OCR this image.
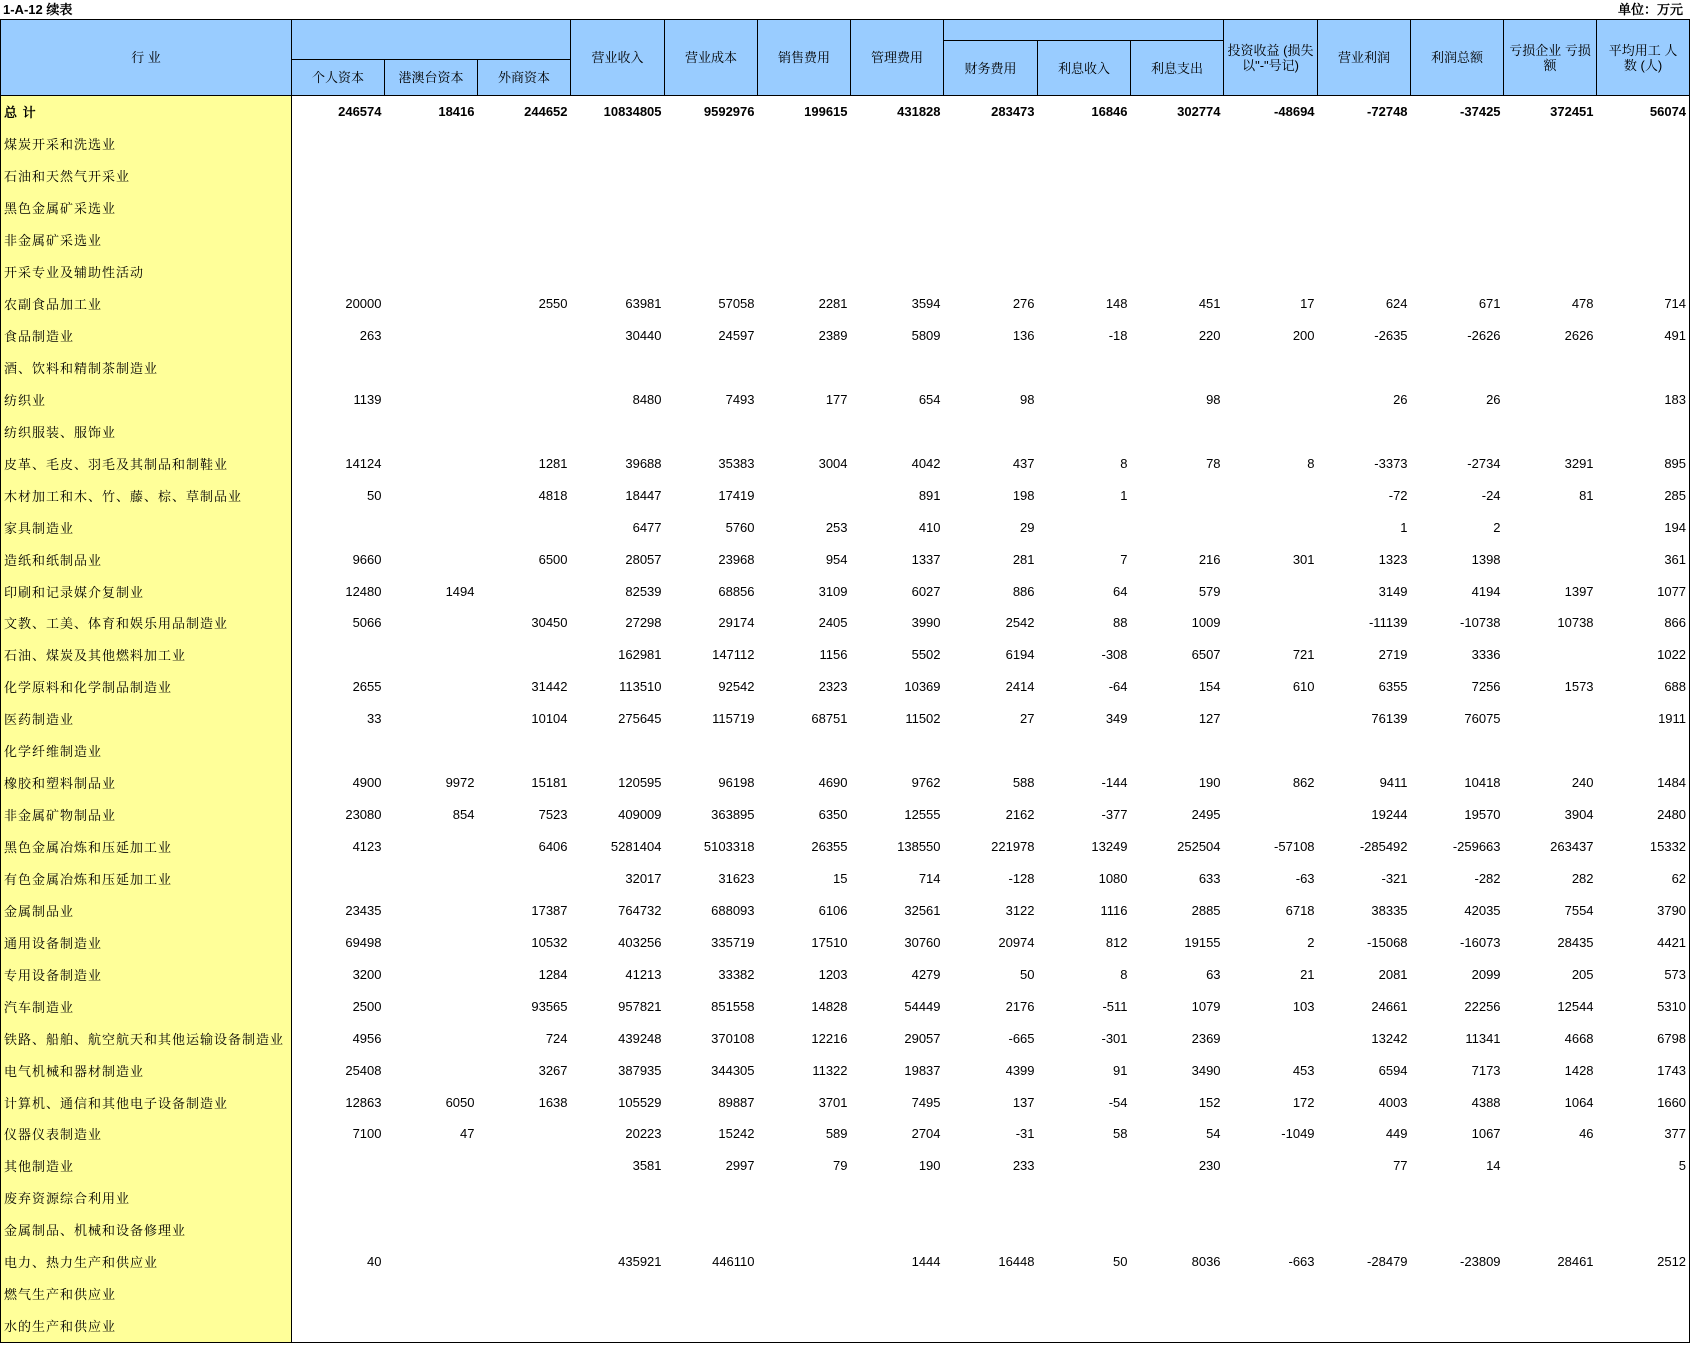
1-A-12 续表	单位：万元
行 业				营业收入	营业成本	销售费用	管理费用				投资收益 (损失以"-"号记)	营业利润	利润总额	亏损企业 亏损额	平均用工 人　数 (人)
								财务费用	利息收入	利息支出					
	个人资本	港澳台资本	外商资本												
总 计	246574	18416	244652	10834805	9592976	199615	431828	283473	16846	302774	-48694	-72748	-37425	372451	56074
煤炭开采和洗选业															
石油和天然气开采业															
黑色金属矿采选业															
非金属矿采选业															
开采专业及辅助性活动															
农副食品加工业	20000		2550	63981	57058	2281	3594	276	148	451	17	624	671	478	714
食品制造业	263			30440	24597	2389	5809	136	-18	220	200	-2635	-2626	2626	491
酒、饮料和精制茶制造业															
纺织业	1139			8480	7493	177	654	98		98		26	26		183
纺织服装、服饰业															
皮革、毛皮、羽毛及其制品和制鞋业	14124		1281	39688	35383	3004	4042	437	8	78	8	-3373	-2734	3291	895
木材加工和木、竹、藤、棕、草制品业	50		4818	18447	17419		891	198	1			-72	-24	81	285
家具制造业				6477	5760	253	410	29				1	2		194
造纸和纸制品业	9660		6500	28057	23968	954	1337	281	7	216	301	1323	1398		361
印刷和记录媒介复制业	12480	1494		82539	68856	3109	6027	886	64	579		3149	4194	1397	1077
文教、工美、体育和娱乐用品制造业	5066		30450	27298	29174	2405	3990	2542	88	1009		-11139	-10738	10738	866
石油、煤炭及其他燃料加工业				162981	147112	1156	5502	6194	-308	6507	721	2719	3336		1022
化学原料和化学制品制造业	2655		31442	113510	92542	2323	10369	2414	-64	154	610	6355	7256	1573	688
医药制造业	33		10104	275645	115719	68751	11502	27	349	127		76139	76075		1911
化学纤维制造业															
橡胶和塑料制品业	4900	9972	15181	120595	96198	4690	9762	588	-144	190	862	9411	10418	240	1484
非金属矿物制品业	23080	854	7523	409009	363895	6350	12555	2162	-377	2495		19244	19570	3904	2480
黑色金属冶炼和压延加工业	4123		6406	5281404	5103318	26355	138550	221978	13249	252504	-57108	-285492	-259663	263437	15332
有色金属冶炼和压延加工业				32017	31623	15	714	-128	1080	633	-63	-321	-282	282	62
金属制品业	23435		17387	764732	688093	6106	32561	3122	1116	2885	6718	38335	42035	7554	3790
通用设备制造业	69498		10532	403256	335719	17510	30760	20974	812	19155	2	-15068	-16073	28435	4421
专用设备制造业	3200		1284	41213	33382	1203	4279	50	8	63	21	2081	2099	205	573
汽车制造业	2500		93565	957821	851558	14828	54449	2176	-511	1079	103	24661	22256	12544	5310
铁路、船舶、航空航天和其他运输设备制造业	4956		724	439248	370108	12216	29057	-665	-301	2369		13242	11341	4668	6798
电气机械和器材制造业	25408		3267	387935	344305	11322	19837	4399	91	3490	453	6594	7173	1428	1743
计算机、通信和其他电子设备制造业	12863	6050	1638	105529	89887	3701	7495	137	-54	152	172	4003	4388	1064	1660
仪器仪表制造业	7100	47		20223	15242	589	2704	-31	58	54	-1049	449	1067	46	377
其他制造业				3581	2997	79	190	233		230		77	14		5
废弃资源综合利用业															
金属制品、机械和设备修理业															
电力、热力生产和供应业	40			435921	446110		1444	16448	50	8036	-663	-28479	-23809	28461	2512
燃气生产和供应业															
水的生产和供应业															
